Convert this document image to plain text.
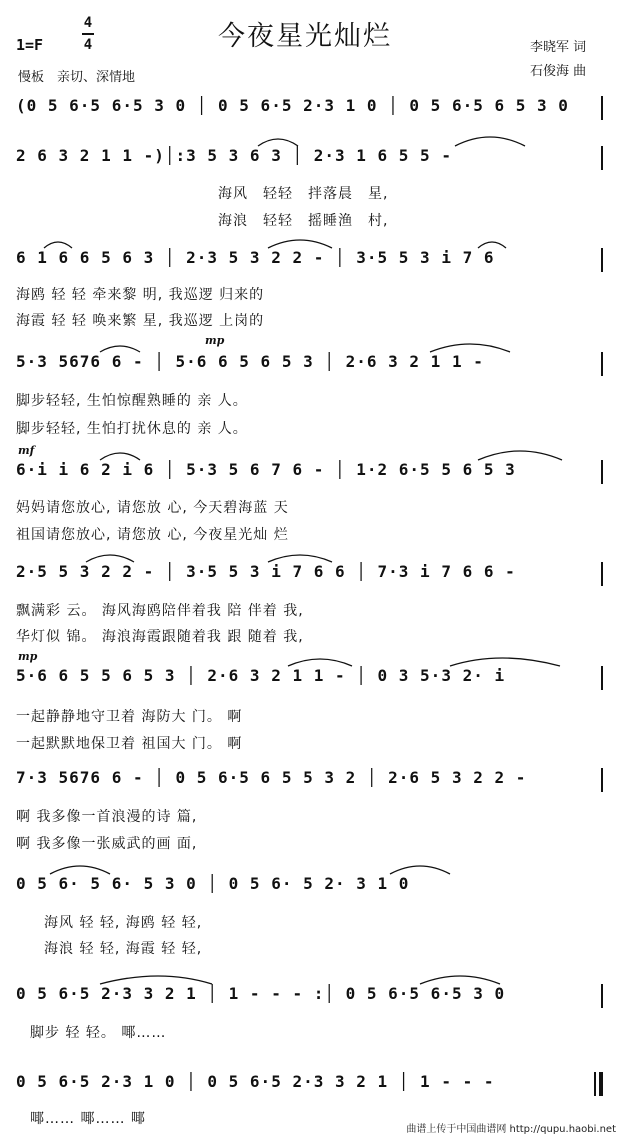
今夜星光灿烂
1=F
4
4
慢板　亲切、深情地
李晓军 词
石俊海 曲
(0 5 6·5 6·5 3 0 │ 0 5 6·5 2·3 1 0 │ 0 5 6·5 6 5 3 0
2 6 3 2 1 1 -)│:3 5 3 6 3 │ 2·3 1 6 5 5 -
海风　轻轻　拌落晨　星,
海浪　轻轻　摇睡渔　村,
6 1 6 6 5 6 3 │ 2·3 5 3 2 2 - │ 3·5 5 3 i 7 6
海鸥 轻 轻 牵来黎 明, 我巡逻 归来的
海霞 轻 轻 唤来繁 星, 我巡逻 上岗的
mp
5·3 5676 6 - │ 5·6 6 5 6 5 3 │ 2·6 3 2 1 1 -
脚步轻轻, 生怕惊醒熟睡的 亲 人。
脚步轻轻, 生怕打扰休息的 亲 人。
mf
6·i i 6 2 i 6 │ 5·3 5 6 7 6 - │ 1·2 6·5 5 6 5 3
妈妈请您放心, 请您放 心, 今天碧海蓝 天
祖国请您放心, 请您放 心, 今夜星光灿 烂
2·5 5 3 2 2 - │ 3·5 5 3 i 7 6 6 │ 7·3 i 7 6 6 -
飘满彩 云。 海风海鸥陪伴着我 陪 伴着 我,
华灯似 锦。 海浪海霞跟随着我 跟 随着 我,
mp
5·6 6 5 5 6 5 3 │ 2·6 3 2 1 1 - │ 0 3 5·3 2· i
一起静静地守卫着 海防大 门。 啊
一起默默地保卫着 祖国大 门。 啊
7·3 5676 6 - │ 0 5 6·5 6 5 5 3 2 │ 2·6 5 3 2 2 -
啊 我多像一首浪漫的诗 篇,
啊 我多像一张威武的画 面,
0 5 6· 5 6· 5 3 0 │ 0 5 6· 5 2· 3 1 0
海风 轻 轻, 海鸥 轻 轻,
海浪 轻 轻, 海霞 轻 轻,
0 5 6·5 2·3 3 2 1 │ 1 - - - :│ 0 5 6·5 6·5 3 0
脚步 轻 轻。 㖿……
0 5 6·5 2·3 1 0 │ 0 5 6·5 2·3 3 2 1 │ 1 - - -
㖿…… 㖿…… 㖿
曲谱上传于中国曲谱网 http://qupu.haobi.net
